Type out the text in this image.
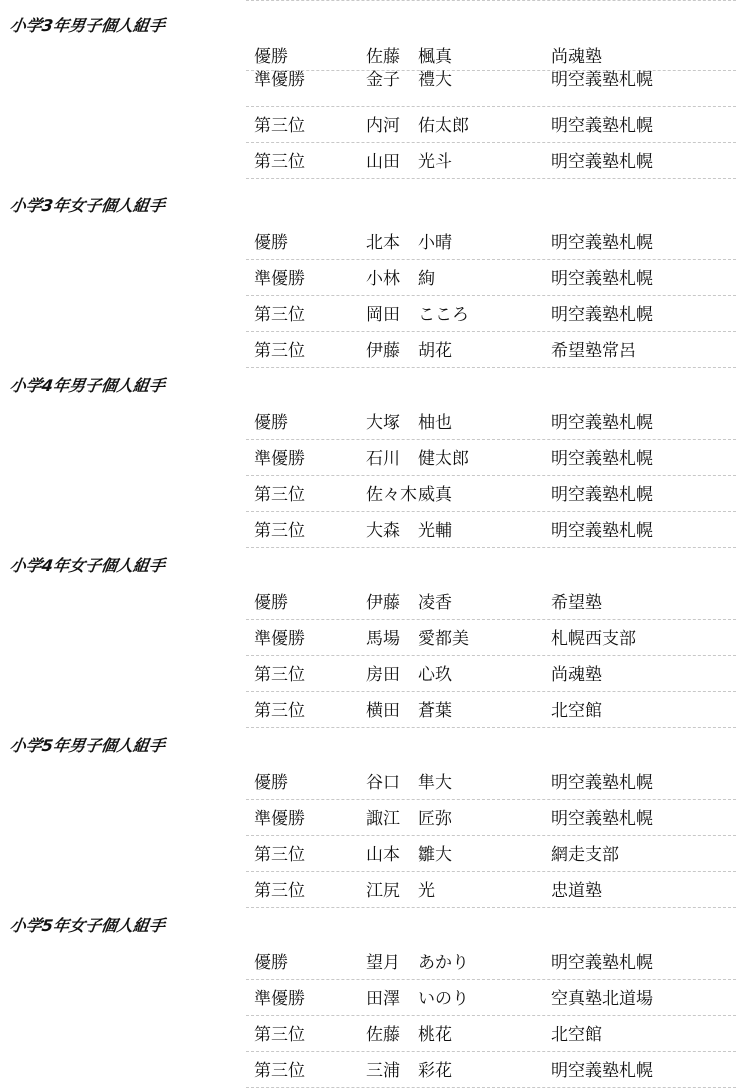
小学3年男子個人組手
優勝	佐藤 楓真	尚魂塾
準優勝	金子 禮大	明空義塾札幌
第三位	内河 佑太郎	明空義塾札幌
第三位	山田 光斗	明空義塾札幌
小学3年女子個人組手
優勝	北本 小晴	明空義塾札幌
準優勝	小林 絢	明空義塾札幌
第三位	岡田 こころ	明空義塾札幌
第三位	伊藤 胡花	希望塾常呂
小学4年男子個人組手
優勝	大塚 柚也	明空義塾札幌
準優勝	石川 健太郎	明空義塾札幌
第三位	佐々木 威真	明空義塾札幌
第三位	大森 光輔	明空義塾札幌
小学4年女子個人組手
優勝	伊藤 凌香	希望塾
準優勝	馬場 愛都美	札幌西支部
第三位	房田 心玖	尚魂塾
第三位	横田 蒼葉	北空館
小学5年男子個人組手
優勝	谷口 隼大	明空義塾札幌
準優勝	諏江 匠弥	明空義塾札幌
第三位	山本 雛大	網走支部
第三位	江尻 光	忠道塾
小学5年女子個人組手
優勝	望月 あかり	明空義塾札幌
準優勝	田澤 いのり	空真塾北道場
第三位	佐藤 桃花	北空館
第三位	三浦 彩花	明空義塾札幌
